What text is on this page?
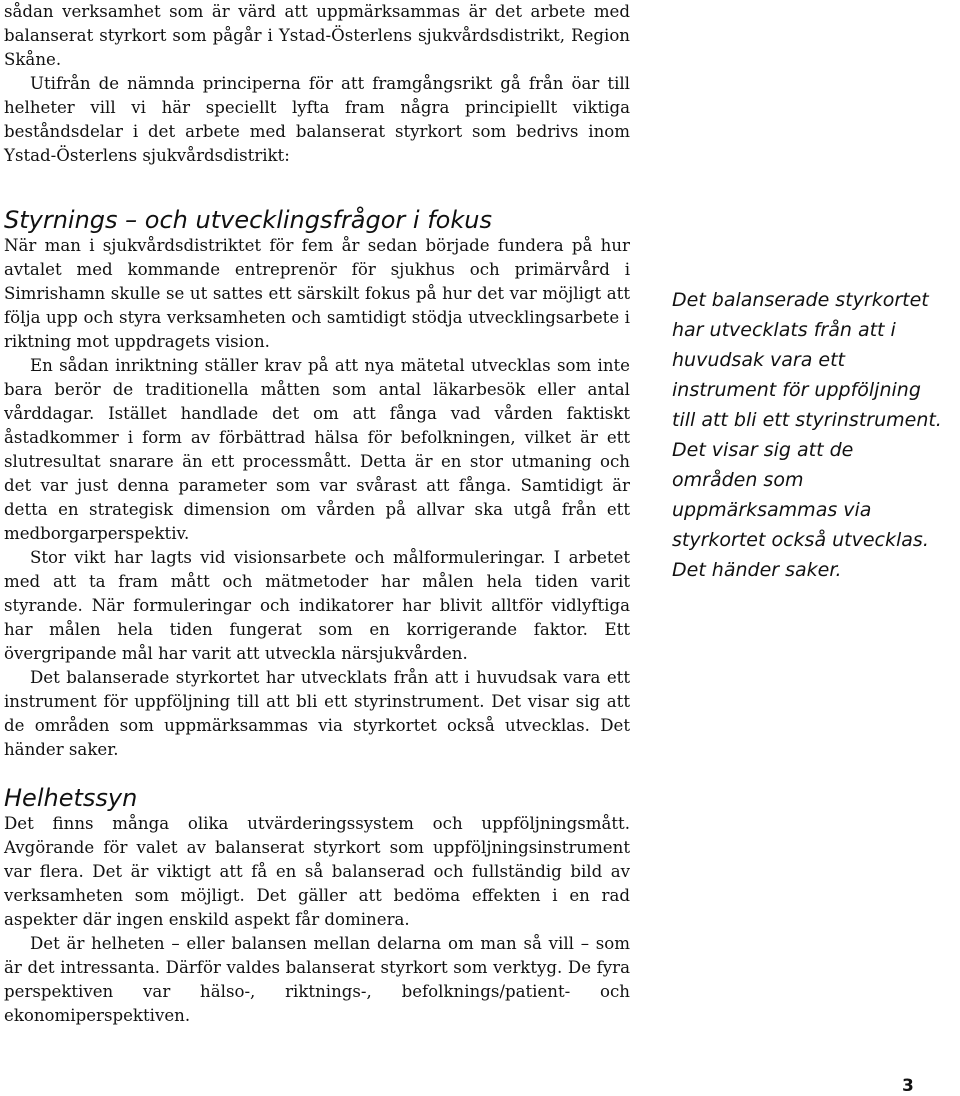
sådan verksamhet som är värd att uppmärksammas är det arbete med balanserat styrkort som pågår i Ystad-Österlens sjukvårdsdistrikt, Region Skåne.

Utifrån de nämnda principerna för att framgångsrikt gå från öar till helheter vill vi här speciellt lyfta fram några principiellt viktiga beståndsdelar i det arbete med balanserat styrkort som bedrivs inom Ystad-Österlens sjukvårdsdistrikt:

Styrnings – och utvecklingsfrågor i fokus

När man i sjukvårdsdistriktet för fem år sedan började fundera på hur avtalet med kommande entreprenör för sjukhus och primärvård i Simrishamn skulle se ut sattes ett särskilt fokus på hur det var möjligt att följa upp och styra verksamheten och samtidigt stödja utvecklingsarbete i riktning mot uppdragets vision.

En sådan inriktning ställer krav på att nya mätetal utvecklas som inte bara berör de traditionella måtten som antal läkarbesök eller antal vårddagar. Istället handlade det om att fånga vad vården faktiskt åstadkommer i form av förbättrad hälsa för befolkningen, vilket är ett slutresultat snarare än ett processmått. Detta är en stor utmaning och det var just denna parameter som var svårast att fånga. Samtidigt är detta en strategisk dimension om vården på allvar ska utgå från ett medborgarperspektiv.

Stor vikt har lagts vid visionsarbete och målformuleringar. I arbetet med att ta fram mått och mätmetoder har målen hela tiden varit styrande. När formuleringar och indikatorer har blivit alltför vidlyftiga har målen hela tiden fungerat som en korrigerande faktor. Ett övergripande mål har varit att utveckla närsjukvården.

Det balanserade styrkortet har utvecklats från att i huvudsak vara ett instrument för uppföljning till att bli ett styrinstrument. Det visar sig att de områden som uppmärksammas via styrkortet också utvecklas. Det händer saker.

Det balanserade styrkortet har utvecklats från att i huvudsak vara ett instrument för uppföljning till att bli ett styrinstrument. Det visar sig att de områden som uppmärksammas via styrkortet också utvecklas. Det händer saker.
Helhetssyn

Det finns många olika utvärderingssystem och uppföljningsmått. Avgörande för valet av balanserat styrkort som uppföljningsinstrument var flera. Det är viktigt att få en så balanserad och fullständig bild av verksamheten som möjligt. Det gäller att bedöma effekten i en rad aspekter där ingen enskild aspekt får dominera.

Det är helheten – eller balansen mellan delarna om man så vill – som är det intressanta. Därför valdes balanserat styrkort som verktyg. De fyra perspektiven var hälso-, riktnings-, befolknings/patient- och ekonomiperspektiven.

3
